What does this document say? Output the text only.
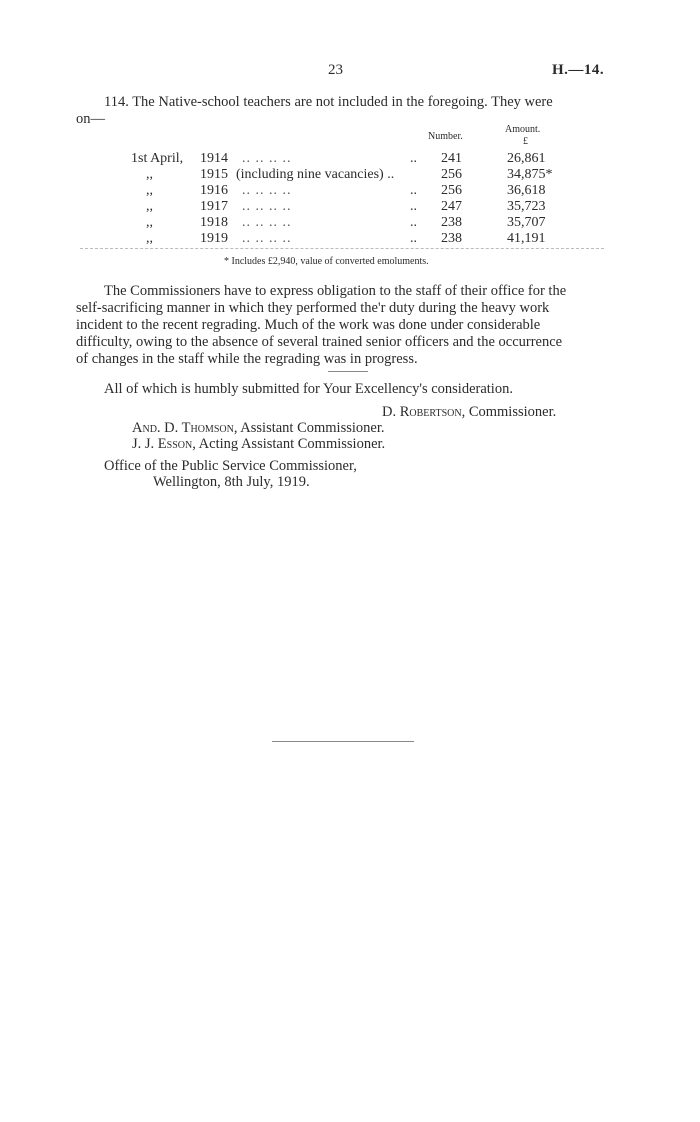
23	H.—14.
114. The Native-school teachers are not included in the foregoing. They were
on—
Number.
Amount.
£
1st April, 1914 .. .. .. ..	.. 241	26,861
,,	1915 (including nine vacancies) ..	256	34,875*
,,	1916 .. .. .. ..	.. 256	36,618
,,	1917 .. .. .. ..	.. 247	35,723
,,	1918 .. .. .. ..	.. 238	35,707
,,	1919 .. .. .. ..	.. 238	41,191
* Includes £2,940, value of converted emoluments.
The Commissioners have to express obligation to the staff of their office for the
self-sacrificing manner in which they performed the'r duty during the heavy work
incident to the recent regrading. Much of the work was done under considerable
difficulty, owing to the absence of several trained senior officers and the occurrence
of changes in the staff while the regrading was in progress.
All of which is humbly submitted for Your Excellency's consideration.
D. Robertson, Commissioner.
And. D. Thomson, Assistant Commissioner.
J. J. Esson, Acting Assistant Commissioner.
Office of the Public Service Commissioner,
Wellington, 8th July, 1919.
